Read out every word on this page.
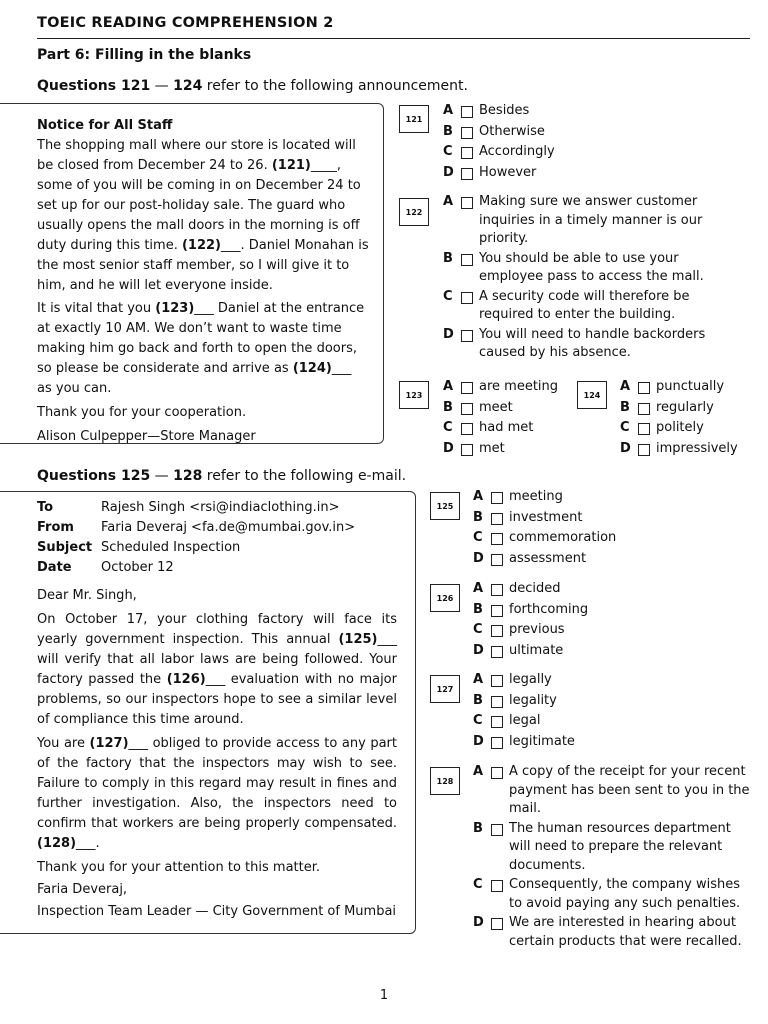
TOEIC READING COMPREHENSION 2
Part 6: Filling in the blanks
Questions 121 — 124 refer to the following announcement.

Notice for All Staff

The shopping mall where our store is located will be closed from December 24 to 26. (121)____, some of you will be coming in on December 24 to set up for our post-holiday sale. The guard who usually opens the mall doors in the morning is off duty during this time. (122)___. Daniel Monahan is the most senior staff member, so I will give it to him, and he will let everyone inside.

It is vital that you (123)___ Daniel at the entrance at exactly 10 AM. We don’t want to waste time making him go back and forth to open the doors, so please be considerate and arrive as (124)___ as you can.

Thank you for your cooperation.

Alison Culpepper—Store Manager

121
A	Besides
B	Otherwise
C	Accordingly
D However
122
A	Making sure we answer customer inquiries in a timely manner is our priority.
B	You should be able to use your employee pass to access the mall.
C	A security code will therefore be required to enter the building.
D You will need to handle backorders caused by his absence.
123
A	are meeting
B	meet
C	had met
D met
124
A	punctually
B	regularly
C	politely
D impressively
Questions 125 — 128 refer to the following e-mail.
To	Rajesh Singh <rsi@indiaclothing.in>
From	Faria Deveraj <fa.de@mumbai.gov.in>
Subject Scheduled Inspection
Date	October 12

Dear Mr. Singh,

On October 17, your clothing factory will face its yearly government inspection. This annual (125)___ will verify that all labor laws are being followed. Your factory passed the (126)___ evaluation with no major problems, so our inspectors hope to see a similar level of compliance this time around.

You are (127)___ obliged to provide access to any part of the factory that the inspectors may wish to see. Failure to comply in this regard may result in fines and further investigation. Also, the inspectors need to confirm that workers are being properly compensated. (128)___.

Thank you for your attention to this matter.

Faria Deveraj,

Inspection Team Leader — City Government of Mumbai

125
A	meeting
B	investment
C	commemoration
D assessment
126
A	decided
B	forthcoming
C	previous
D ultimate
127
A	legally
B	legality
C	legal
D legitimate
128
A	A copy of the receipt for your recent payment has been sent to you in the mail.
B	The human resources department will need to prepare the relevant documents.
C	Consequently, the company wishes to avoid paying any such penalties.
D We are interested in hearing about certain products that were recalled.
1
